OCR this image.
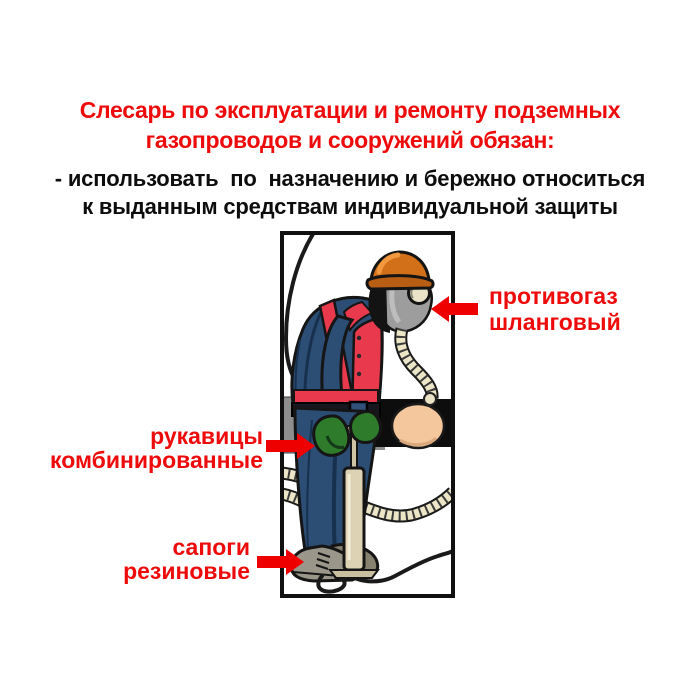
Слесарь по эксплуатации и ремонту подземных
газопроводов и сооружений обязан:
- использовать  по  назначению и бережно относиться
к выданным средствам индивидуальной защиты
противогаз
шланговый
рукавицы
комбинированные
сапоги
резиновые
